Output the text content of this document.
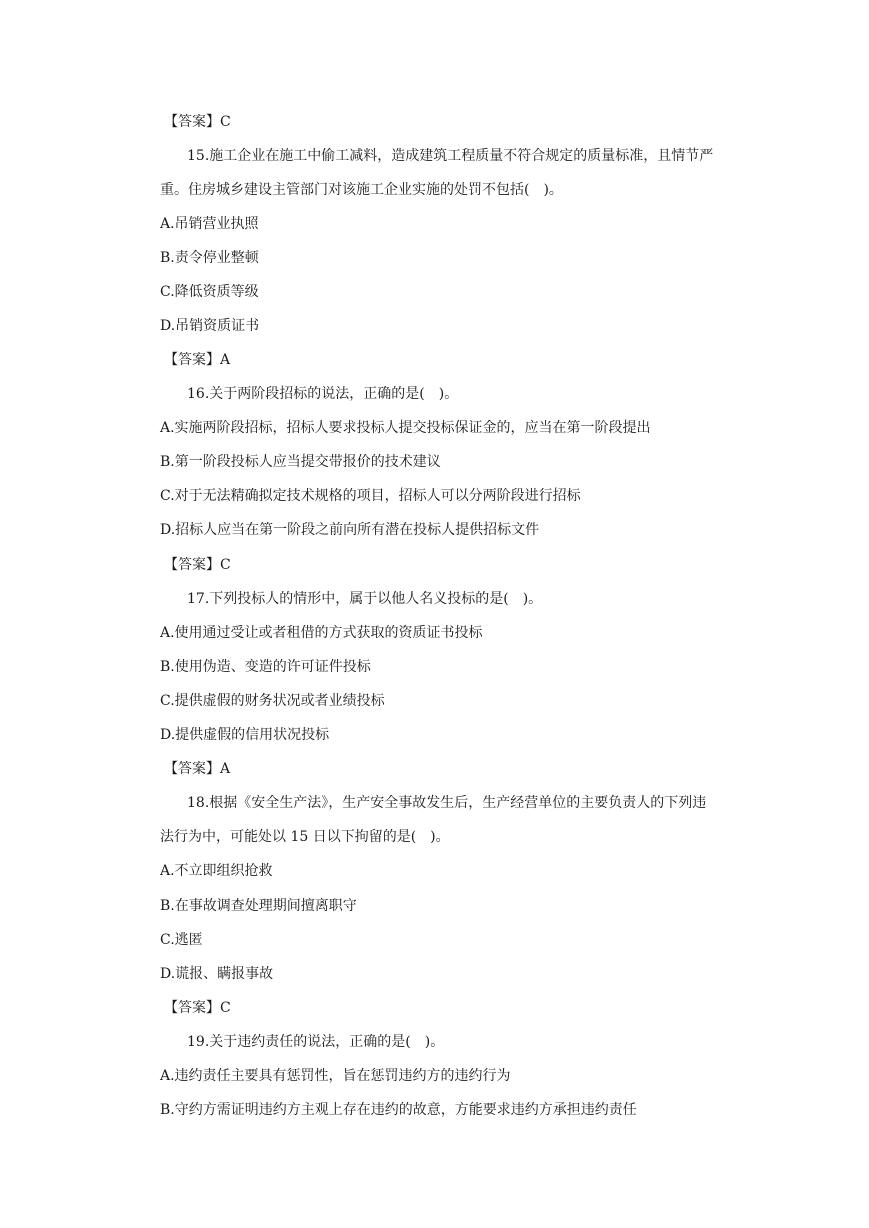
【答案】C
15.施工企业在施工中偷工减料，造成建筑工程质量不符合规定的质量标准，且情节严
重。住房城乡建设主管部门对该施工企业实施的处罚不包括(　)。
A.吊销营业执照
B.责令停业整顿
C.降低资质等级
D.吊销资质证书
【答案】A
16.关于两阶段招标的说法，正确的是(　)。
A.实施两阶段招标，招标人要求投标人提交投标保证金的，应当在第一阶段提出
B.第一阶段投标人应当提交带报价的技术建议
C.对于无法精确拟定技术规格的项目，招标人可以分两阶段进行招标
D.招标人应当在第一阶段之前向所有潜在投标人提供招标文件
【答案】C
17.下列投标人的情形中，属于以他人名义投标的是(　)。
A.使用通过受让或者租借的方式获取的资质证书投标
B.使用伪造、变造的许可证件投标
C.提供虚假的财务状况或者业绩投标
D.提供虚假的信用状况投标
【答案】A
18.根据《安全生产法》，生产安全事故发生后，生产经营单位的主要负责人的下列违
法行为中，可能处以 15 日以下拘留的是(　)。
A.不立即组织抢救
B.在事故调查处理期间擅离职守
C.逃匿
D.谎报、瞒报事故
【答案】C
19.关于违约责任的说法，正确的是(　)。
A.违约责任主要具有惩罚性，旨在惩罚违约方的违约行为
B.守约方需证明违约方主观上存在违约的故意，方能要求违约方承担违约责任
